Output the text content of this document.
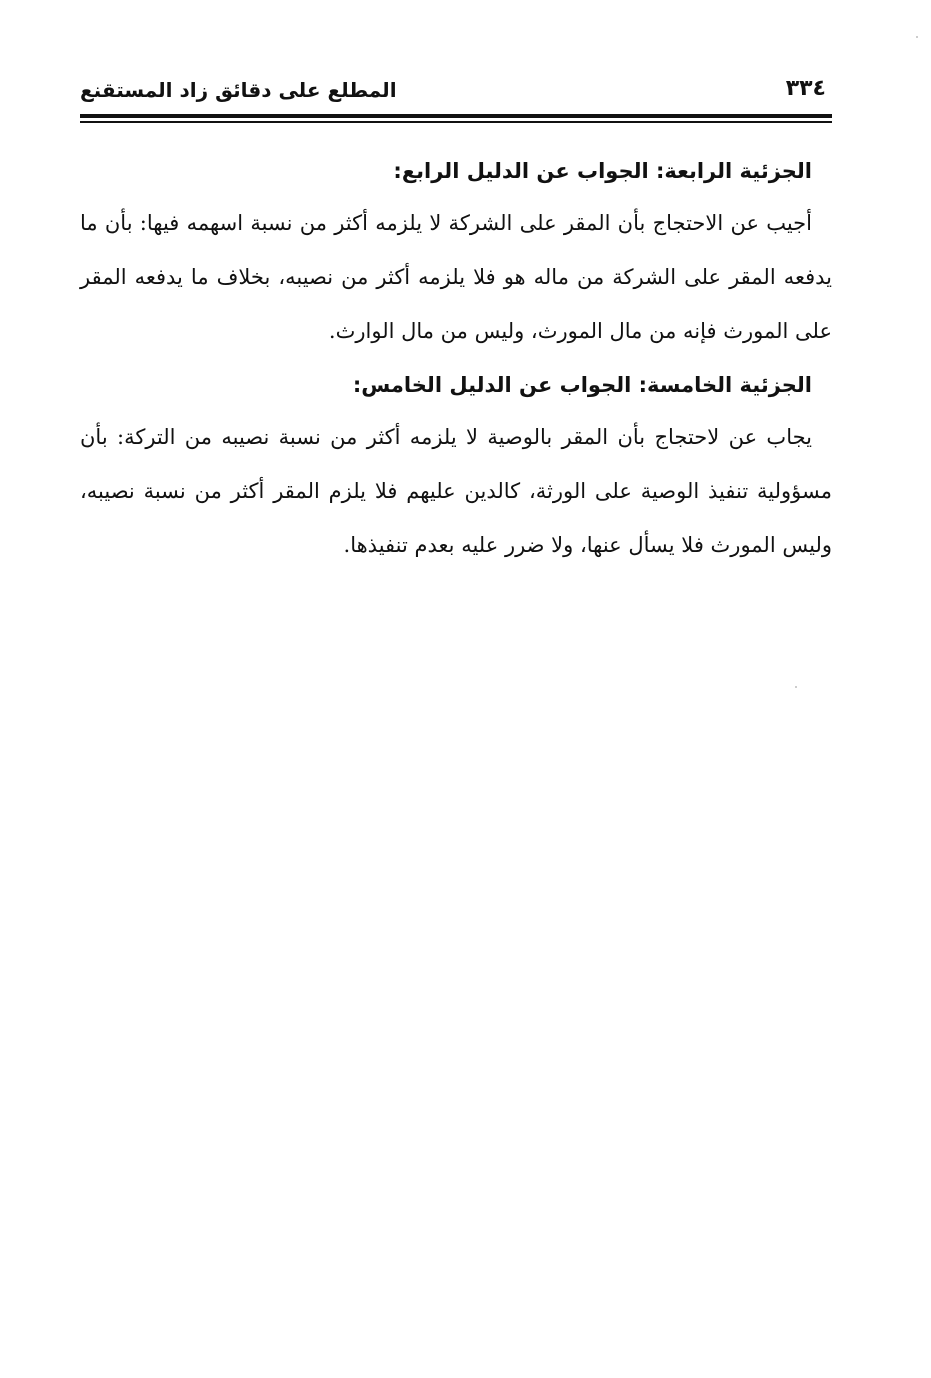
٣٣٤
المطلع على دقائق زاد المستقنع
الجزئية الرابعة: الجواب عن الدليل الرابع:

أجيب عن الاحتجاج بأن المقر على الشركة لا يلزمه أكثر من نسبة اسهمه فيها: بأن ما يدفعه المقر على الشركة من ماله هو فلا يلزمه أكثر من نصيبه، بخلاف ما يدفعه المقر على المورث فإنه من مال المورث، وليس من مال الوارث.

الجزئية الخامسة: الجواب عن الدليل الخامس:

يجاب عن لاحتجاج بأن المقر بالوصية لا يلزمه أكثر من نسبة نصيبه من التركة: بأن مسؤولية تنفيذ الوصية على الورثة، كالدين عليهم فلا يلزم المقر أكثر من نسبة نصيبه، وليس المورث فلا يسأل عنها، ولا ضرر عليه بعدم تنفيذها.
